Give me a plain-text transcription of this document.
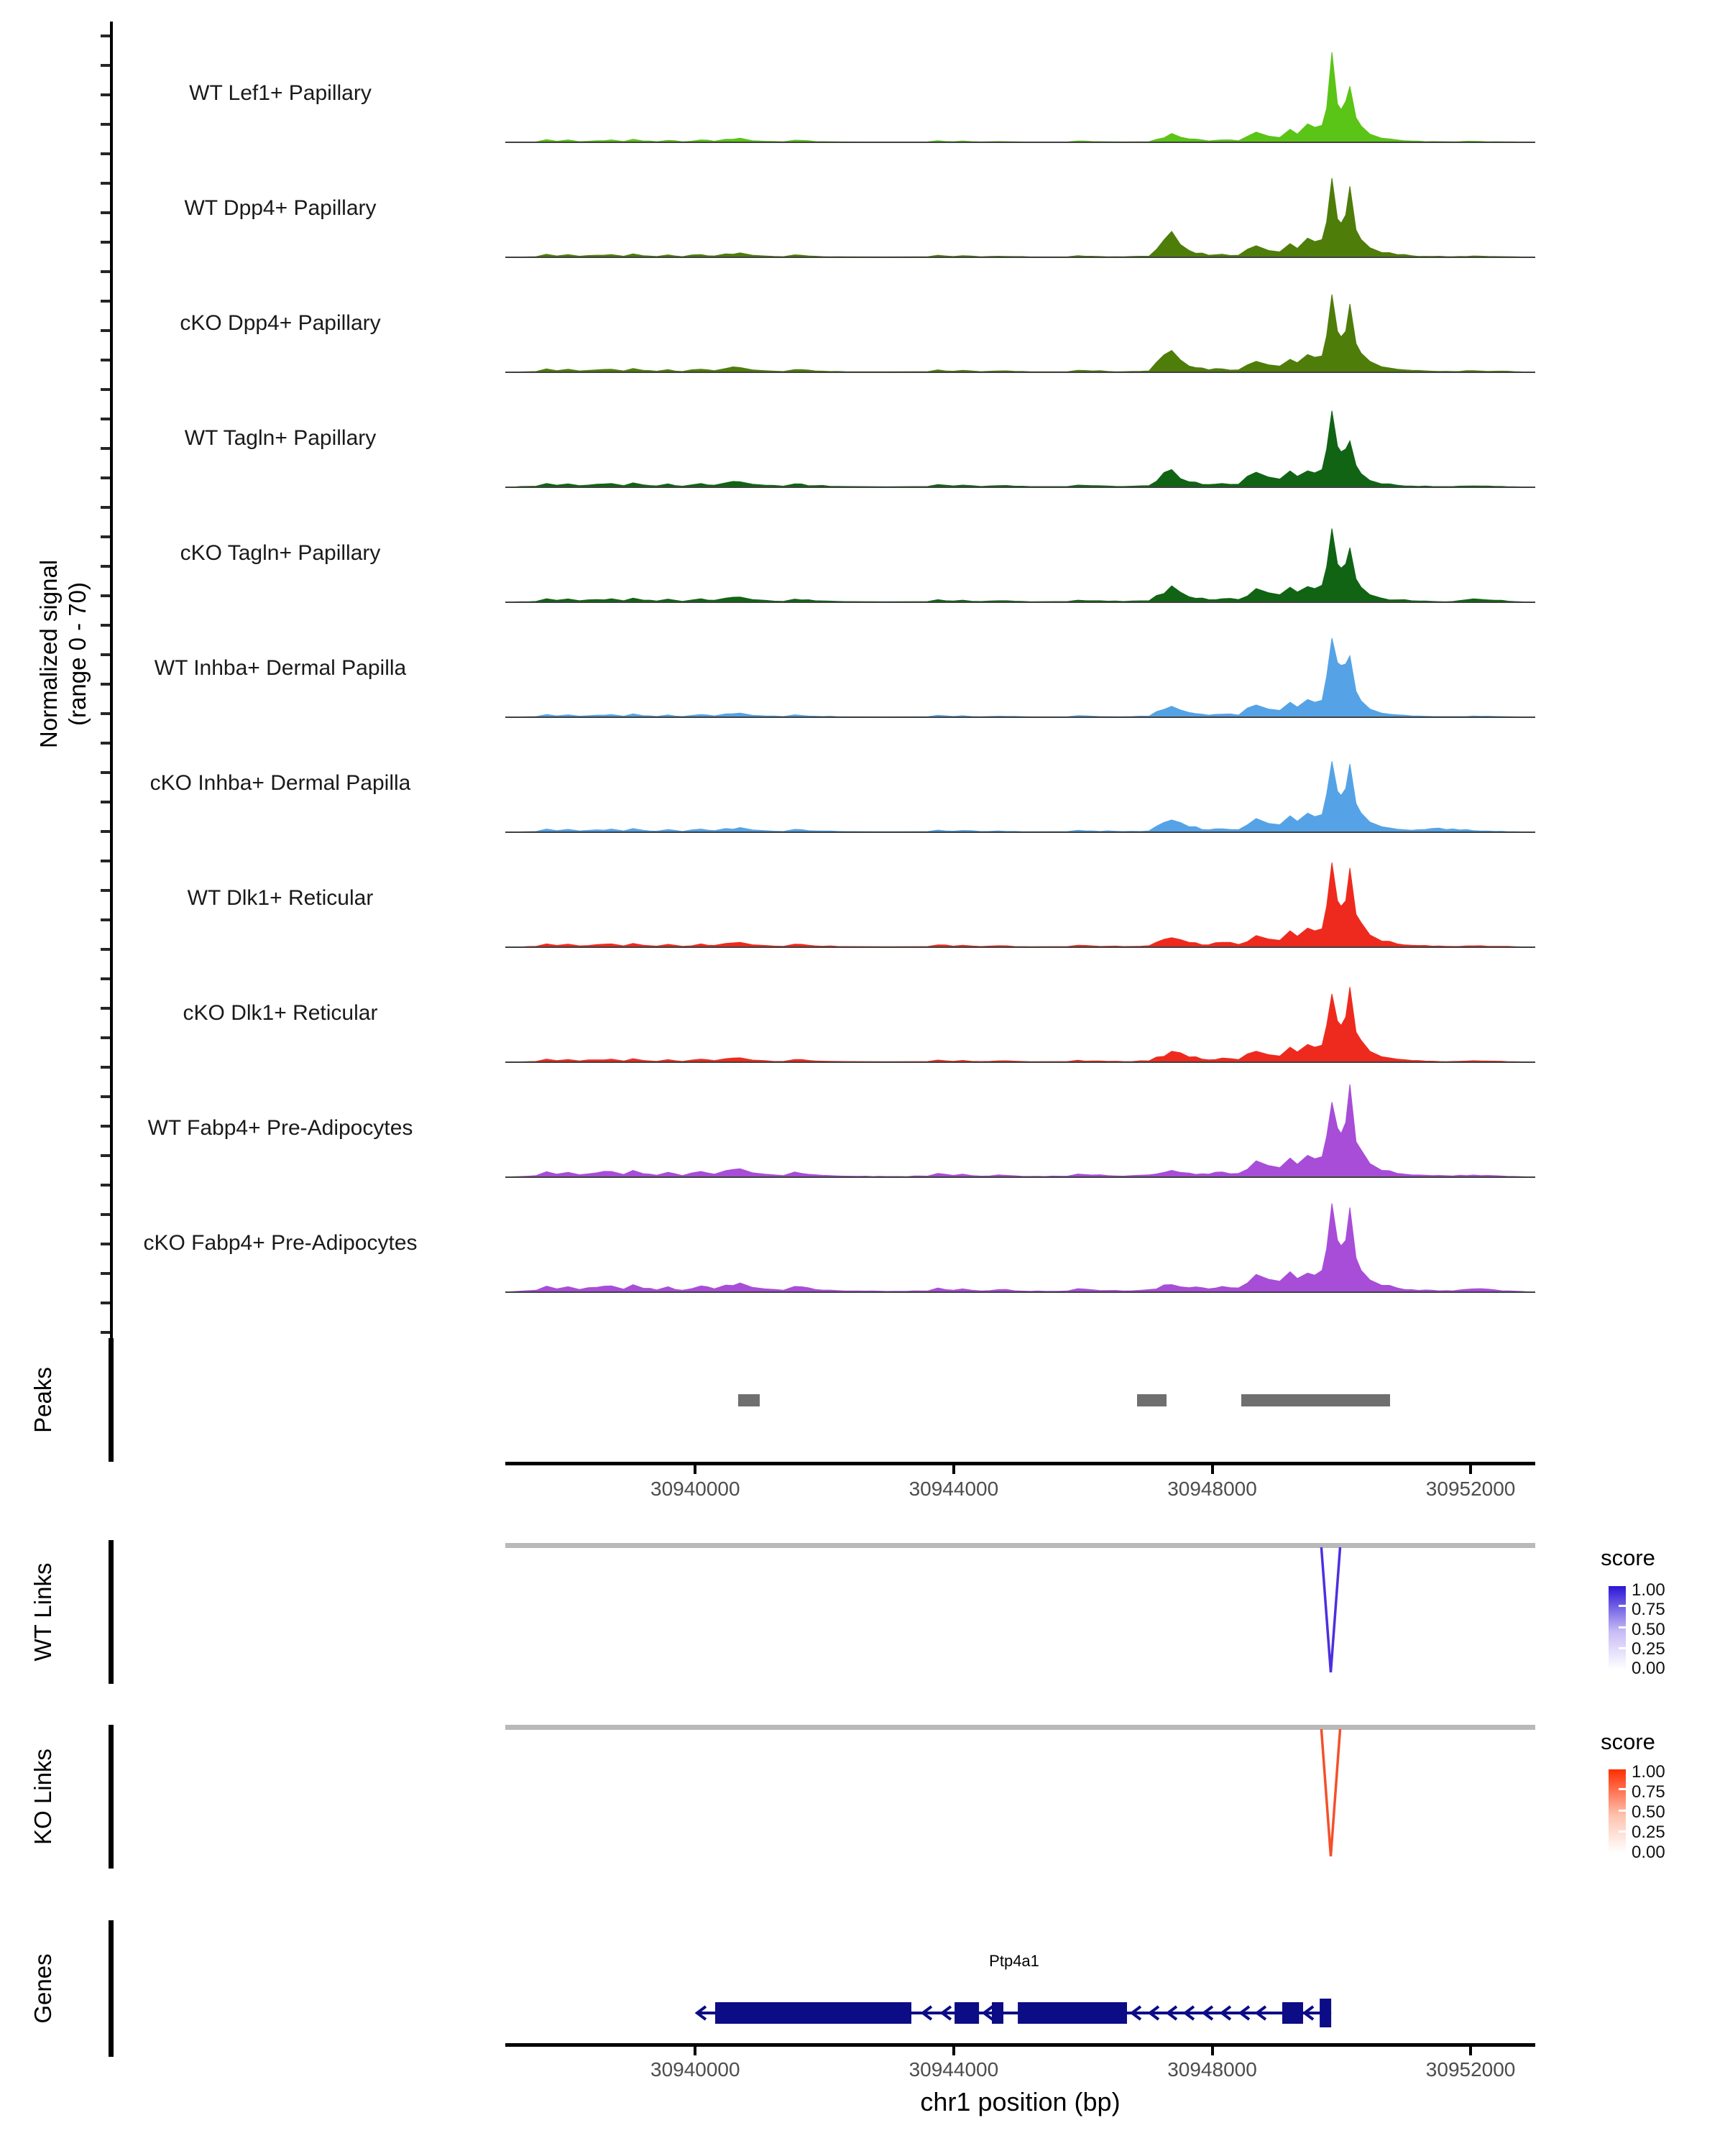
Normalized signal (range 0 - 70)
WT Lef1+ Papillary
WT Dpp4+ Papillary
cKO Dpp4+ Papillary
WT Tagln+ Papillary
cKO Tagln+ Papillary
WT Inhba+ Dermal Papilla
cKO Inhba+ Dermal Papilla
WT Dlk1+ Reticular
cKO Dlk1+ Reticular
WT Fabp4+ Pre-Adipocytes
cKO Fabp4+ Pre-Adipocytes
Peaks
30940000	30944000	30948000	30952000
WT Links
score
1.00
0.75
0.50
0.25
0.00
KO Links
score
1.00
0.75
0.50
0.25
0.00
Genes	Ptp4a1
30940000	30944000	30948000	30952000
chr1 position (bp)
